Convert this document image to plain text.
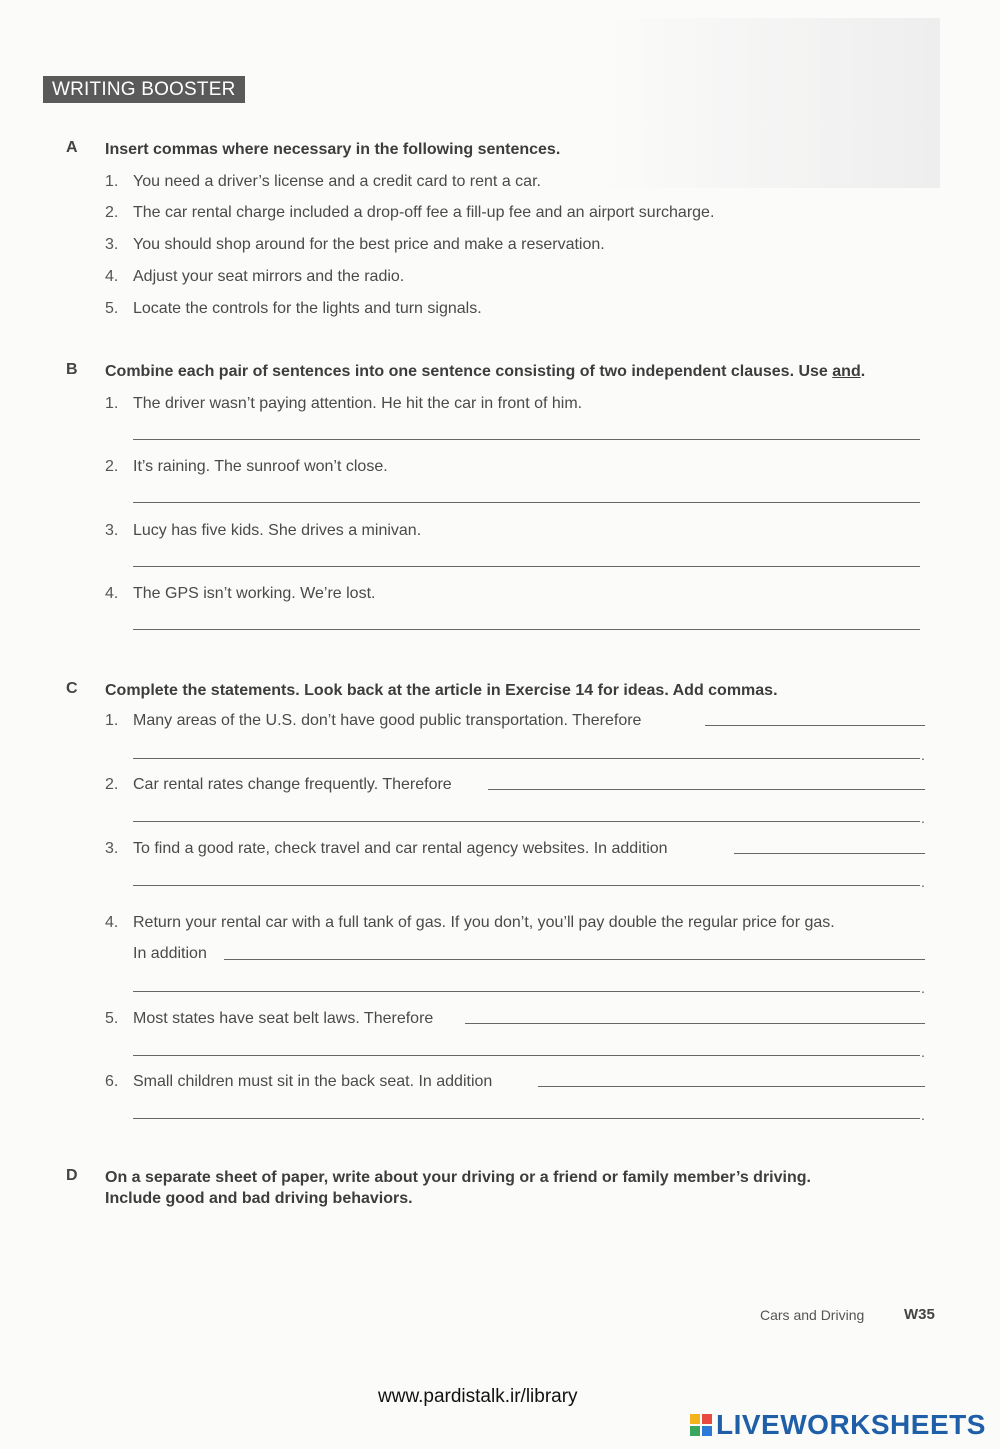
WRITING BOOSTER
A Insert commas where necessary in the following sentences.
1. You need a driver’s license and a credit card to rent a car.
2. The car rental charge included a drop-off fee a fill-up fee and an airport surcharge.
3. You should shop around for the best price and make a reservation.
4. Adjust your seat mirrors and the radio.
5. Locate the controls for the lights and turn signals.
B Combine each pair of sentences into one sentence consisting of two independent clauses. Use and.
1. The driver wasn’t paying attention. He hit the car in front of him.
2. It’s raining. The sunroof won’t close.
3. Lucy has five kids. She drives a minivan.
4. The GPS isn’t working. We’re lost.
C Complete the statements. Look back at the article in Exercise 14 for ideas. Add commas.
1. Many areas of the U.S. don’t have good public transportation. Therefore
.
2. Car rental rates change frequently. Therefore
.
3. To find a good rate, check travel and car rental agency websites. In addition
.
4. Return your rental car with a full tank of gas. If you don’t, you’ll pay double the regular price for gas.
In addition
.
5. Most states have seat belt laws. Therefore
.
6. Small children must sit in the back seat. In addition
.
D On a separate sheet of paper, write about your driving or a friend or family member’s driving.
Include good and bad driving behaviors.
Cars and Driving	W35
www.pardistalk.ir/library
LIVEWORKSHEETS
